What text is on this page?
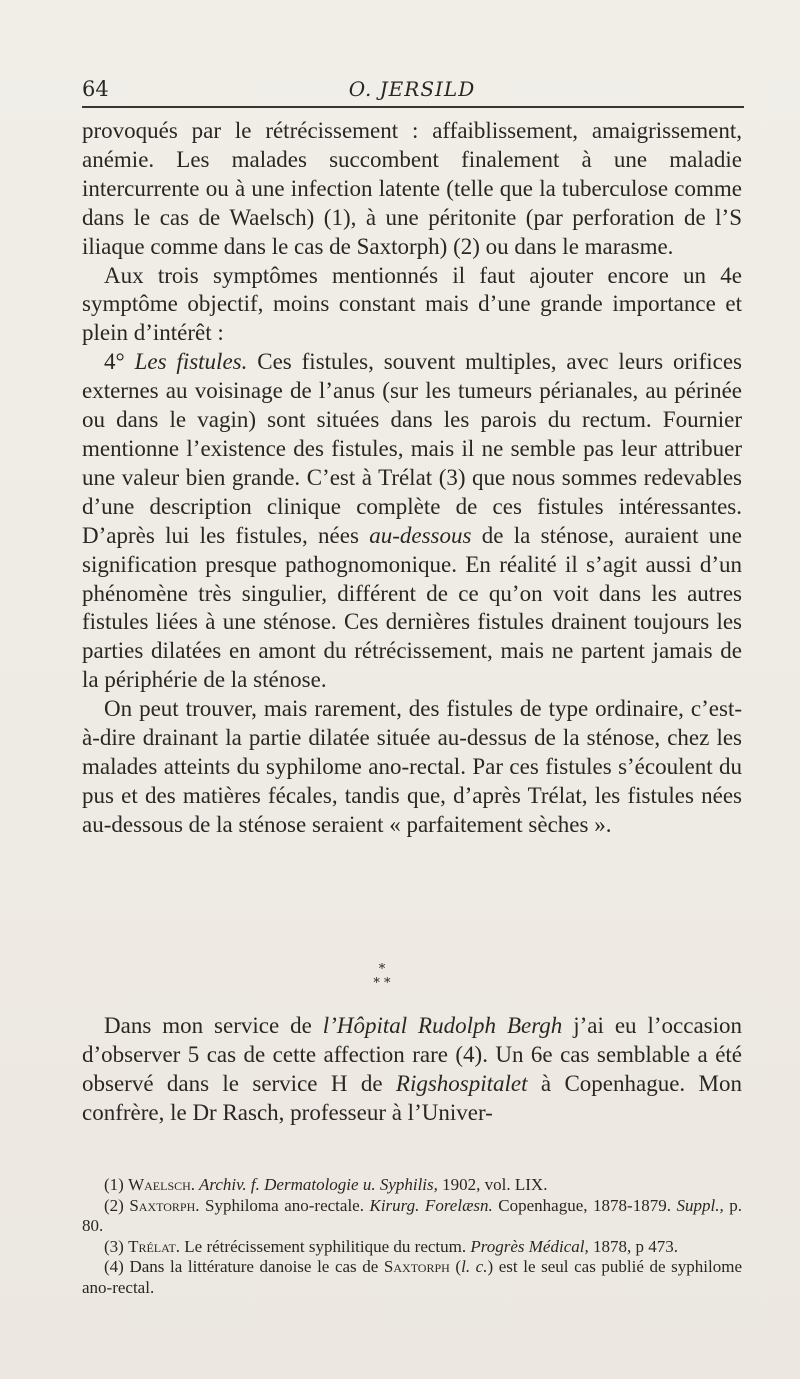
64	O. JERSILD

provoqués par le rétrécissement : affaiblissement, amaigrissement, anémie. Les malades succombent finalement à une maladie intercurrente ou à une infection latente (telle que la tuberculose comme dans le cas de Waelsch) (1), à une péritonite (par perforation de l’S iliaque comme dans le cas de Saxtorph) (2) ou dans le marasme.

Aux trois symptômes mentionnés il faut ajouter encore un 4e symptôme objectif, moins constant mais d’une grande importance et plein d’intérêt :

4° Les fistules. Ces fistules, souvent multiples, avec leurs orifices externes au voisinage de l’anus (sur les tumeurs périanales, au périnée ou dans le vagin) sont situées dans les parois du rectum. Fournier mentionne l’existence des fistules, mais il ne semble pas leur attribuer une valeur bien grande. C’est à Trélat (3) que nous sommes redevables d’une description clinique complète de ces fistules intéressantes. D’après lui les fistules, nées au-dessous de la sténose, auraient une signification presque pathognomonique. En réalité il s’agit aussi d’un phénomène très singulier, différent de ce qu’on voit dans les autres fistules liées à une sténose. Ces dernières fistules drainent toujours les parties dilatées en amont du rétrécissement, mais ne partent jamais de la périphérie de la sténose.

On peut trouver, mais rarement, des fistules de type ordinaire, c’est-à-dire drainant la partie dilatée située au-dessus de la sténose, chez les malades atteints du syphilome ano-rectal. Par ces fistules s’écoulent du pus et des matières fécales, tandis que, d’après Trélat, les fistules nées au-dessous de la sténose seraient « parfaitement sèches ».

*
* *

Dans mon service de l’Hôpital Rudolph Bergh j’ai eu l’occasion d’observer 5 cas de cette affection rare (4). Un 6e cas semblable a été observé dans le service H de Rigshospitalet à Copenhague. Mon confrère, le Dr Rasch, professeur à l’Univer-

(1) Waelsch. Archiv. f. Dermatologie u. Syphilis, 1902, vol. LIX.

(2) Saxtorph. Syphiloma ano-rectale. Kirurg. Forelæsn. Copenhague, 1878-1879. Suppl., p. 80.

(3) Trélat. Le rétrécissement syphilitique du rectum. Progrès Médical, 1878, p 473.

(4) Dans la littérature danoise le cas de Saxtorph (l. c.) est le seul cas publié de syphilome ano-rectal.
